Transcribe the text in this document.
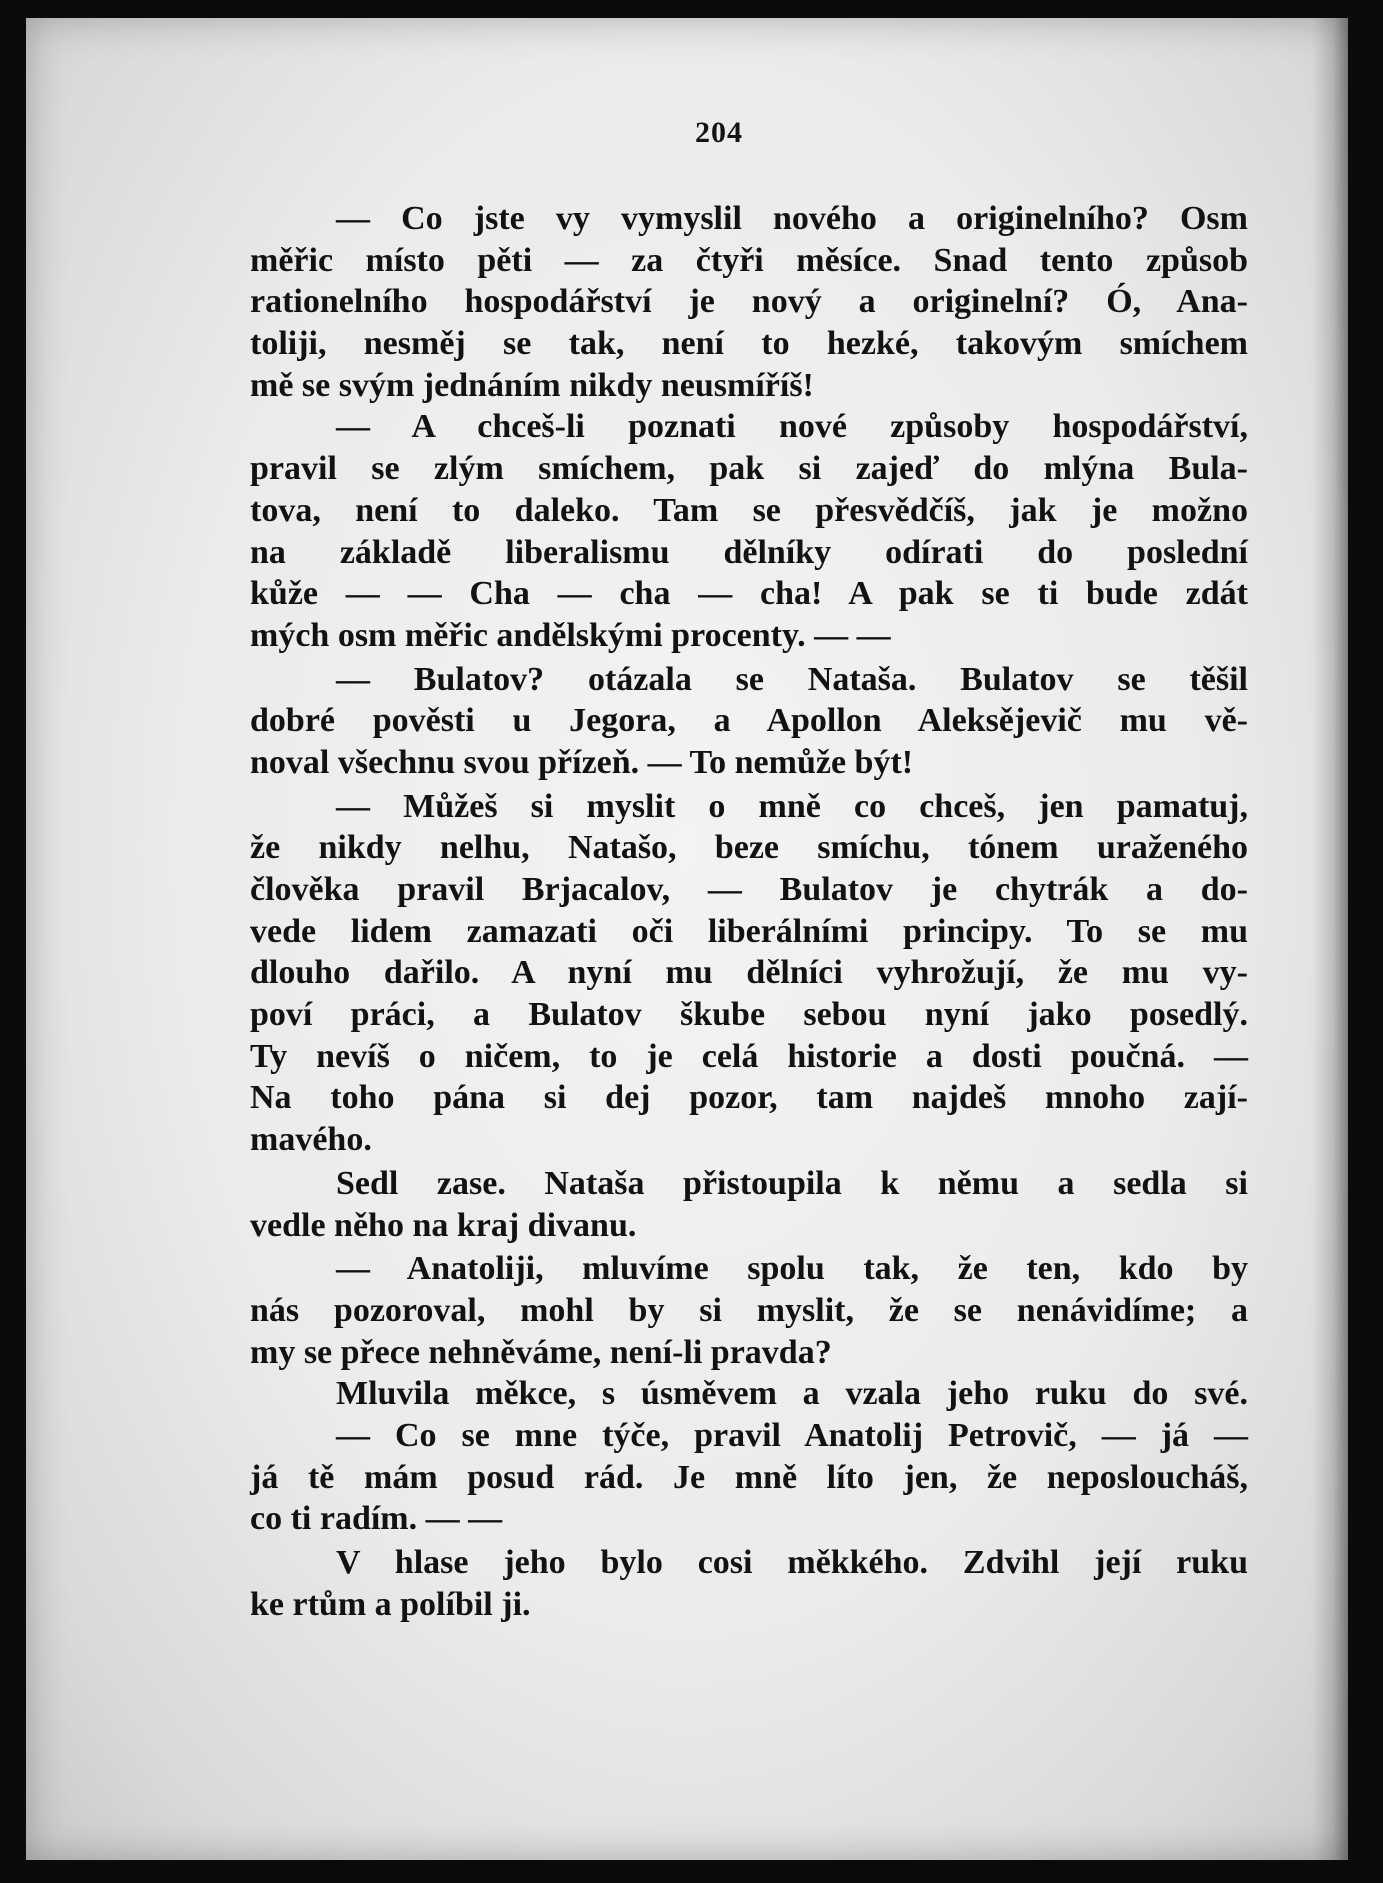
204
— Co jste vy vymyslil nového a originelního? Osm
měřic místo pěti — za čtyři měsíce. Snad tento způsob
rationelního hospodářství je nový a originelní? Ó, Ana-
toliji, nesměj se tak, není to hezké, takovým smíchem
mě se svým jednáním nikdy neusmíříš!
— A chceš-li poznati nové způsoby hospodářství,
pravil se zlým smíchem, pak si zajeď do mlýna Bula-
tova, není to daleko. Tam se přesvědčíš, jak je možno
na základě liberalismu dělníky odírati do poslední
kůže — — Cha — cha — cha! A pak se ti bude zdát
mých osm měřic andělskými procenty. — —
— Bulatov? otázala se Nataša. Bulatov se těšil
dobré pověsti u Jegora, a Apollon Aleksějevič mu vě-
noval všechnu svou přízeň. — To nemůže být!
— Můžeš si myslit o mně co chceš, jen pamatuj,
že nikdy nelhu, Natašo, beze smíchu, tónem uraženého
člověka pravil Brjacalov, — Bulatov je chytrák a do-
vede lidem zamazati oči liberálními principy. To se mu
dlouho dařilo. A nyní mu dělníci vyhrožují, že mu vy-
poví práci, a Bulatov škube sebou nyní jako posedlý.
Ty nevíš o ničem, to je celá historie a dosti poučná. —
Na toho pána si dej pozor, tam najdeš mnoho zají-
mavého.
Sedl zase. Nataša přistoupila k němu a sedla si
vedle něho na kraj divanu.
— Anatoliji, mluvíme spolu tak, že ten, kdo by
nás pozoroval, mohl by si myslit, že se nenávidíme; a
my se přece nehněváme, není-li pravda?
Mluvila měkce, s úsměvem a vzala jeho ruku do své.
— Co se mne týče, pravil Anatolij Petrovič, — já —
já tě mám posud rád. Je mně líto jen, že neposloucháš,
co ti radím. — —
V hlase jeho bylo cosi měkkého. Zdvihl její ruku
ke rtům a políbil ji.
